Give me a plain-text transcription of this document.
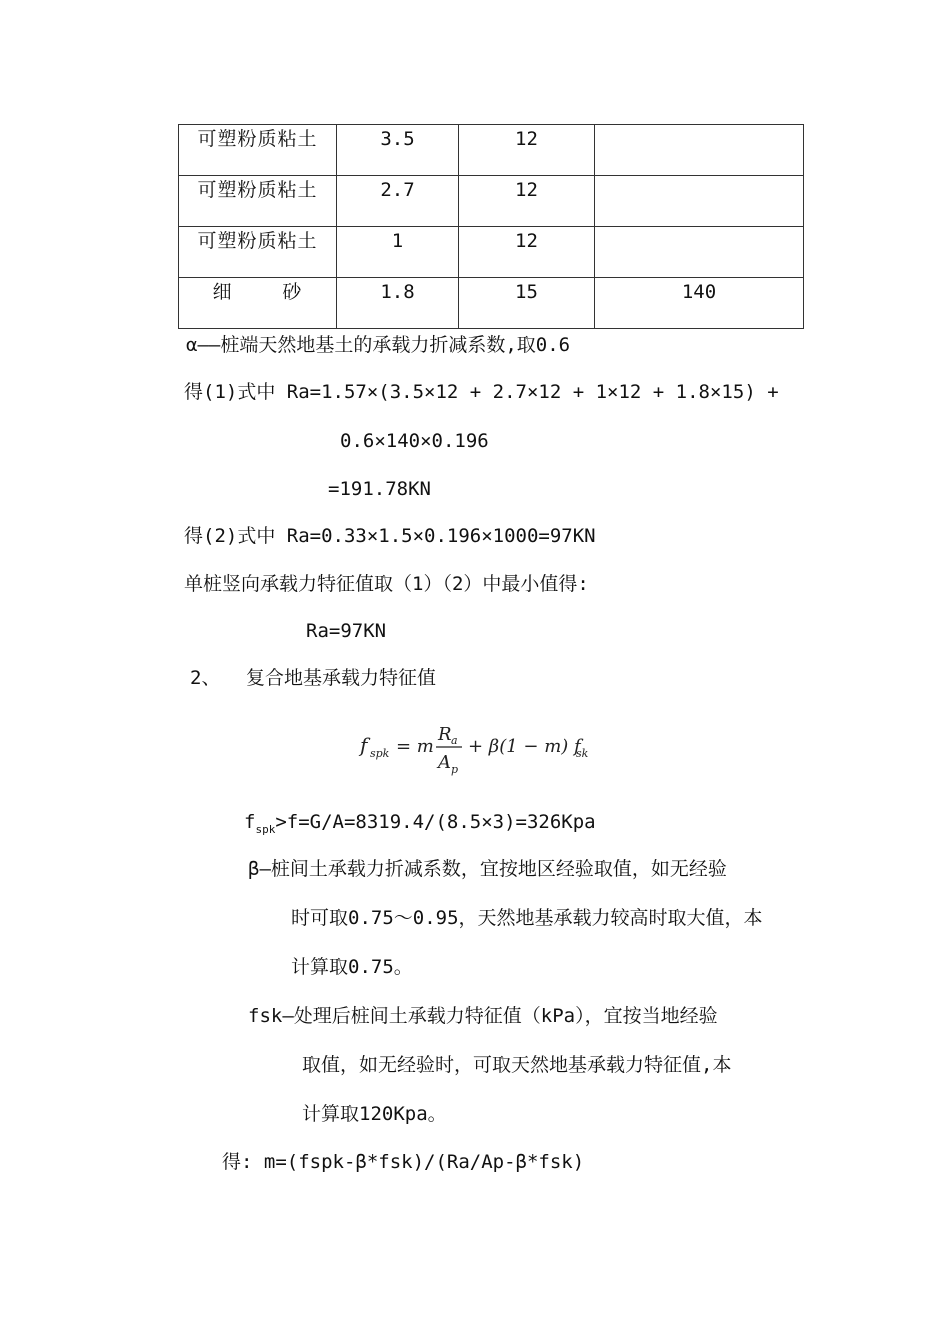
可塑粉质粘土	3.5	12	
可塑粉质粘土	2.7	12	
可塑粉质粘土	1	12	
细    砂	1.8	15	140
α——桩端天然地基土的承载力折减系数,取0.6
得(1)式中 Ra=1.57×(3.5×12 + 2.7×12 + 1×12 + 1.8×15) +
0.6×140×0.196
=191.78KN
得(2)式中 Ra=0.33×1.5×0.196×1000=97KN
单桩竖向承载力特征值取（1）（2）中最小值得:
Ra=97KN
2、 复合地基承载力特征值
f spk = m
R a
A p
+ β(1 − m) f
sk
$f_{spk}>f=G/A=8319.4/(8.5\times 3)=326Kpa$
β—桩间土承载力折减系数，宜按地区经验取值，如无经验
时可取0.75～0.95，天然地基承载力较高时取大值，本
计算取0.75。
fsk—处理后桩间土承载力特征值（kPa），宜按当地经验
取值，如无经验时，可取天然地基承载力特征值,本
计算取120Kpa。
得: m=(fspk-β*fsk)/(Ra/Ap-β*fsk)
